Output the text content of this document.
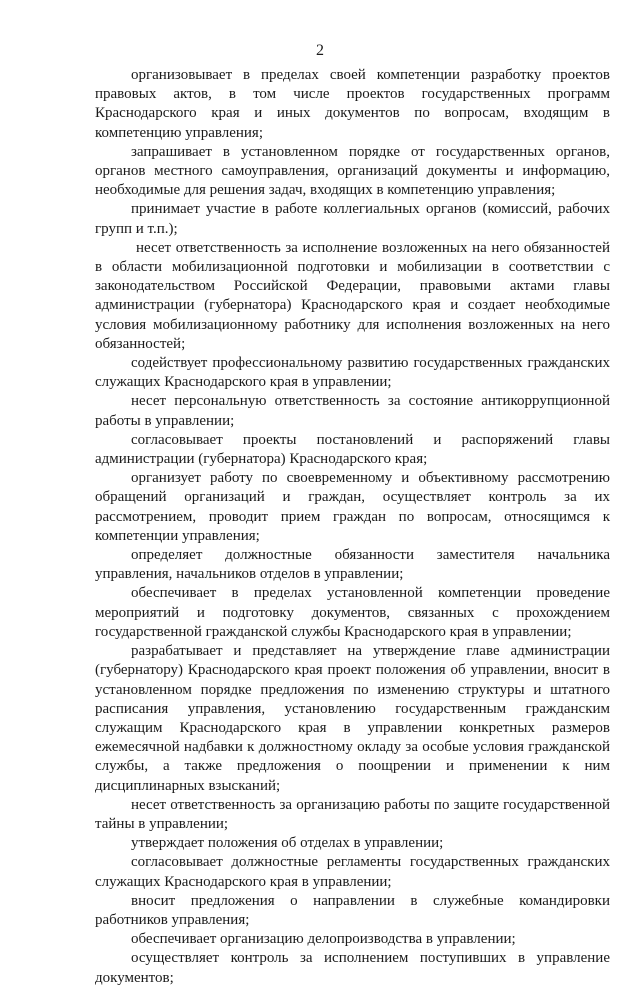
2

организовывает в пределах своей компетенции разработку проектов правовых актов, в том числе проектов государственных программ Краснодарского края и иных документов по вопросам, входящим в компетенцию управления;

запрашивает в установленном порядке от государственных органов, органов местного самоуправления, организаций документы и информацию, необходимые для решения задач, входящих в компетенцию управления;

принимает участие в работе коллегиальных органов (комиссий, рабочих групп и т.п.);

несет ответственность за исполнение возложенных на него обязанностей в области мобилизационной подготовки и мобилизации в соответствии с законодательством Российской Федерации, правовыми актами главы администрации (губернатора) Краснодарского края и создает необходимые условия мобилизационному работнику для исполнения возложенных на него обязанностей;

содействует профессиональному развитию государственных гражданских служащих Краснодарского края в управлении;

несет персональную ответственность за состояние антикоррупционной работы в управлении;

согласовывает проекты постановлений и распоряжений главы администрации (губернатора) Краснодарского края;

организует работу по своевременному и объективному рассмотрению обращений организаций и граждан, осуществляет контроль за их рассмотрением, проводит прием граждан по вопросам, относящимся к компетенции управления;

определяет должностные обязанности заместителя начальника управления, начальников отделов в управлении;

обеспечивает в пределах установленной компетенции проведение мероприятий и подготовку документов, связанных с прохождением государственной гражданской службы Краснодарского края в управлении;

разрабатывает и представляет на утверждение главе администрации (губернатору) Краснодарского края проект положения об управлении, вносит в установленном порядке предложения по изменению структуры и штатного расписания управления, установлению государственным гражданским служащим Краснодарского края в управлении конкретных размеров ежемесячной надбавки к должностному окладу за особые условия гражданской службы, а также предложения о поощрении и применении к ним дисциплинарных взысканий;

несет ответственность за организацию работы по защите государственной тайны в управлении;

утверждает положения об отделах в управлении;

согласовывает должностные регламенты государственных гражданских служащих Краснодарского края в управлении;

вносит предложения о направлении в служебные командировки работников управления;

обеспечивает организацию делопроизводства в управлении;

осуществляет контроль за исполнением поступивших в управление документов;
